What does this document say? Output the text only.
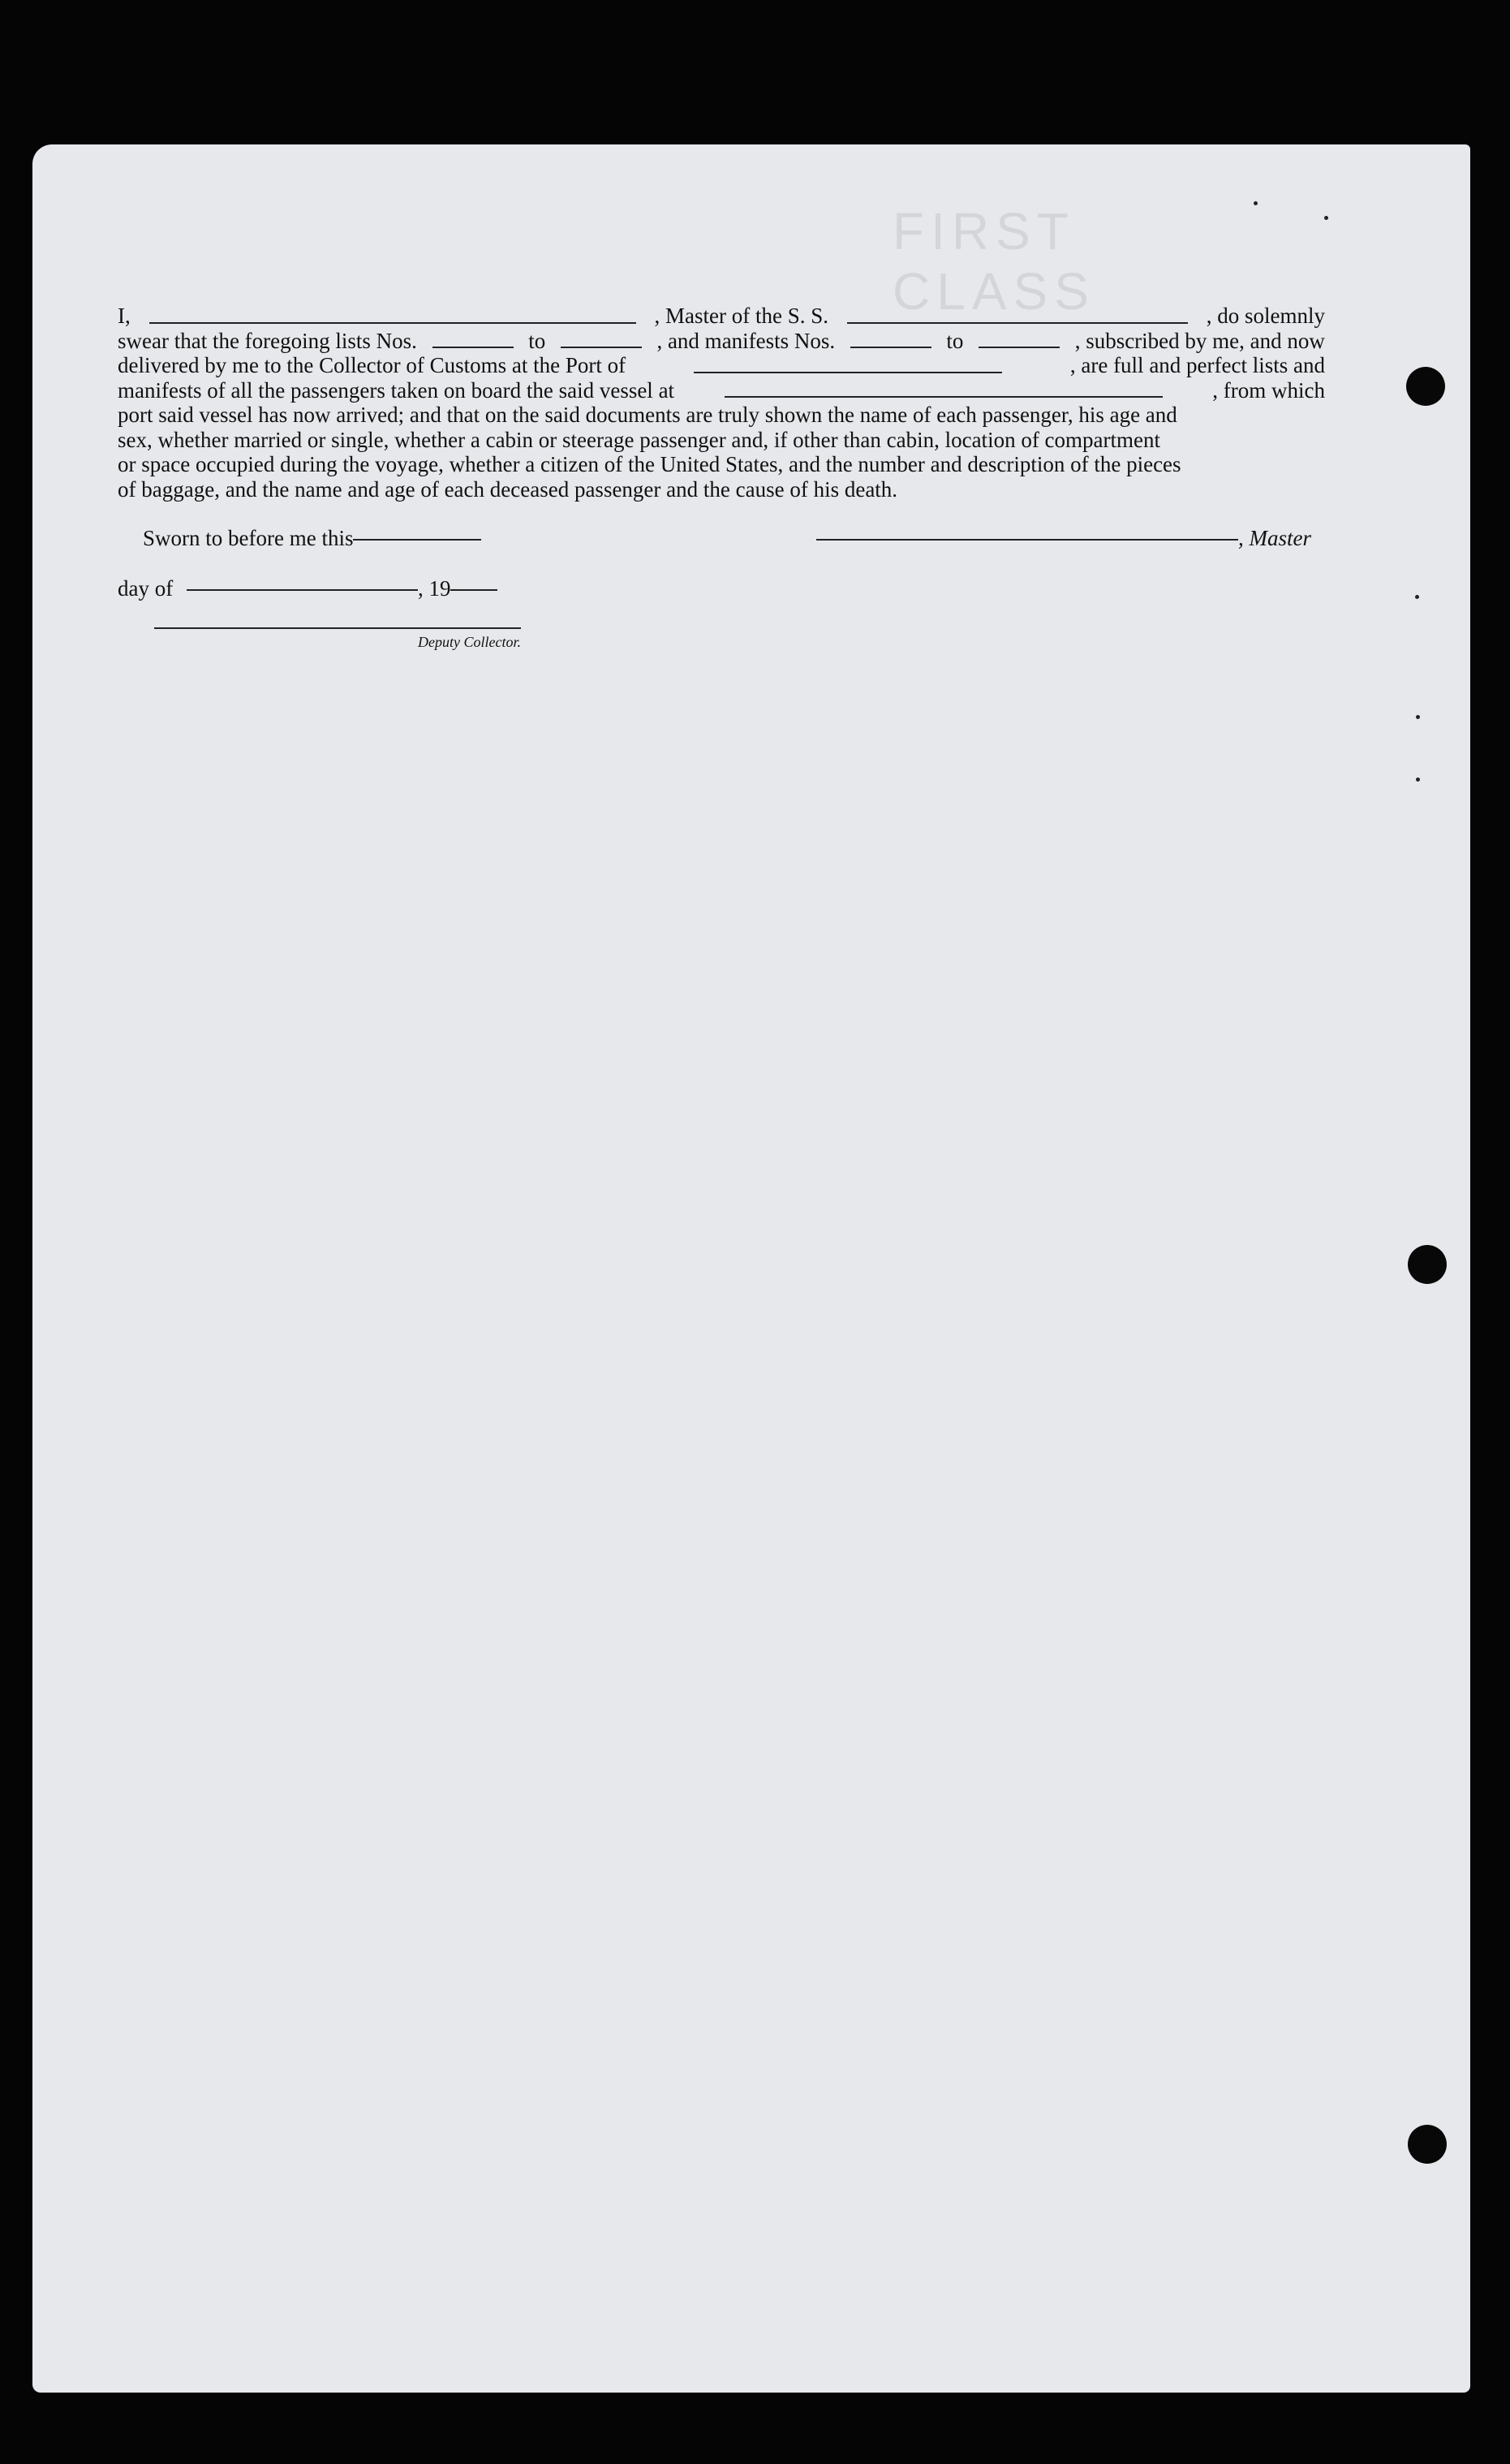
FIRST CLASS
I,	, Master of the S. S.	, do solemnly
swear that the foregoing lists Nos.	to	, and manifests Nos.	to	, subscribed by me, and now
delivered by me to the Collector of Customs at the Port of	, are full and perfect lists and
manifests of all the passengers taken on board the said vessel at	, from which
port said vessel has now arrived; and that on the said documents are truly shown the name of each passenger, his age and
sex, whether married or single, whether a cabin or steerage passenger and, if other than cabin, location of compartment
or space occupied during the voyage, whether a citizen of the United States, and the number and description of the pieces
of baggage, and the name and age of each deceased passenger and the cause of his death.
Sworn to before me this	, Master
day of	, 19
Deputy Collector.
